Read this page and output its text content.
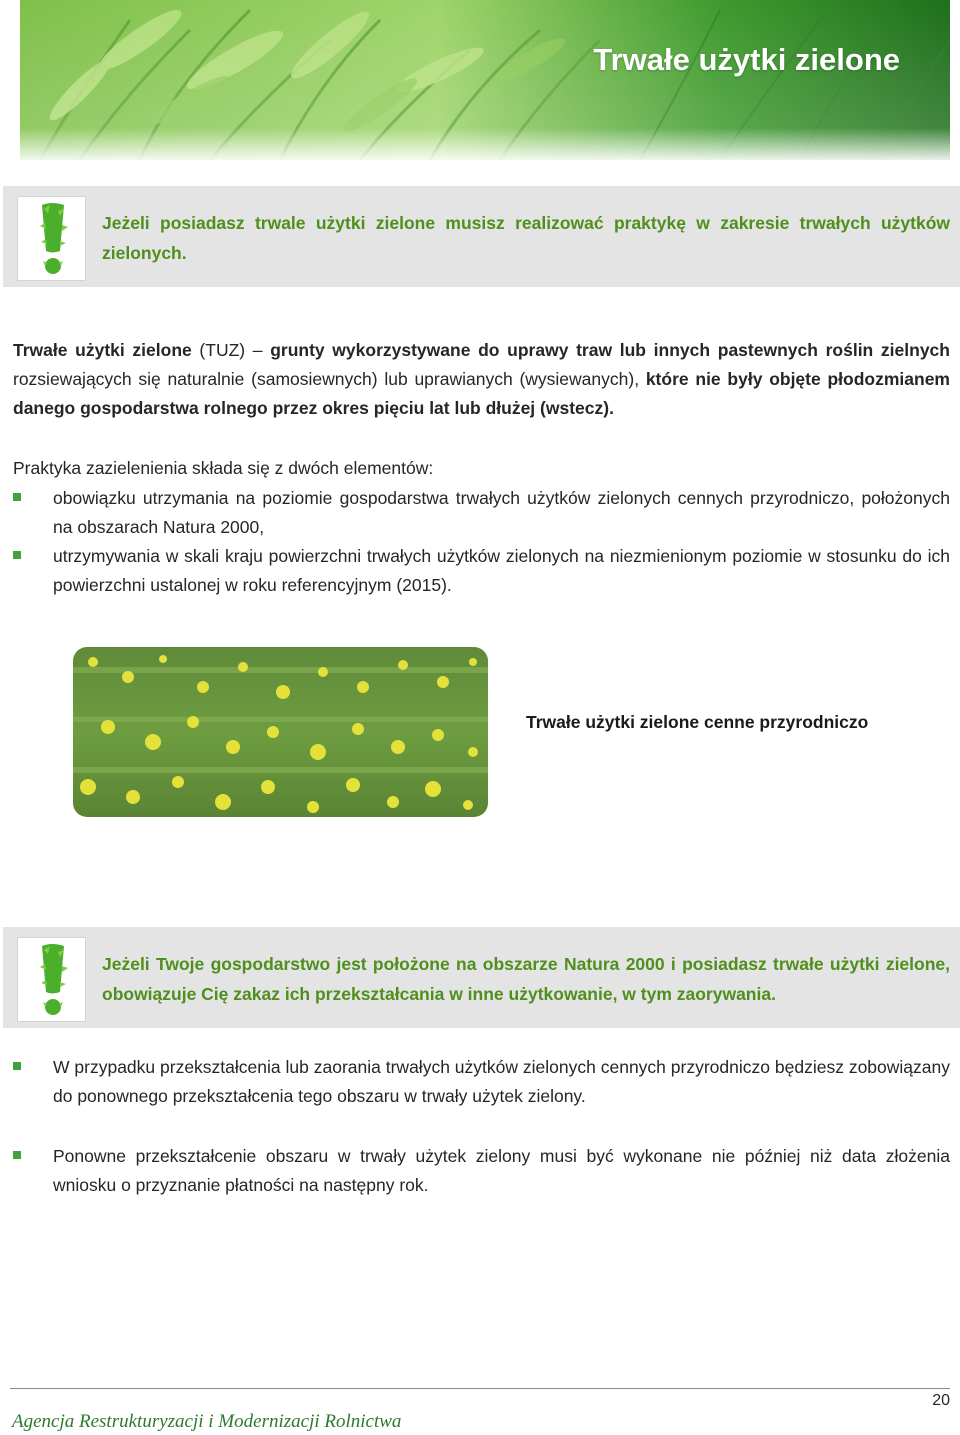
Trwałe użytki zielone
Jeżeli posiadasz trwale użytki zielone musisz realizować praktykę w zakresie trwałych użytków zielonych.

Trwałe użytki zielone (TUZ) – grunty wykorzystywane do uprawy traw lub innych pastewnych roślin zielnych rozsiewających się naturalnie (samosiewnych) lub uprawianych (wysiewanych), które nie były objęte płodozmianem danego gospodarstwa rolnego przez okres pięciu lat lub dłużej (wstecz).

Praktyka zazielenienia składa się z dwóch elementów:

obowiązku utrzymania na poziomie gospodarstwa trwałych użytków zielonych cennych przyrodniczo, położonych na obszarach Natura 2000,
utrzymywania w skali kraju powierzchni trwałych użytków zielonych na niezmienionym poziomie w stosunku do ich powierzchni ustalonej w roku referencyjnym (2015).
Trwałe użytki zielone cenne przyrodniczo
Jeżeli Twoje gospodarstwo jest położone na obszarze Natura 2000 i posiadasz trwałe użytki zielone, obowiązuje Cię zakaz ich przekształcania w inne użytkowanie, w tym zaorywania.
W przypadku przekształcenia lub zaorania trwałych użytków zielonych cennych przyrodniczo będziesz zobowiązany do ponownego przekształcenia tego obszaru w trwały użytek zielony.
Ponowne przekształcenie obszaru w trwały użytek zielony musi być wykonane nie później niż data złożenia wniosku o przyznanie płatności na następny rok.
20
Agencja Restrukturyzacji i Modernizacji Rolnictwa
